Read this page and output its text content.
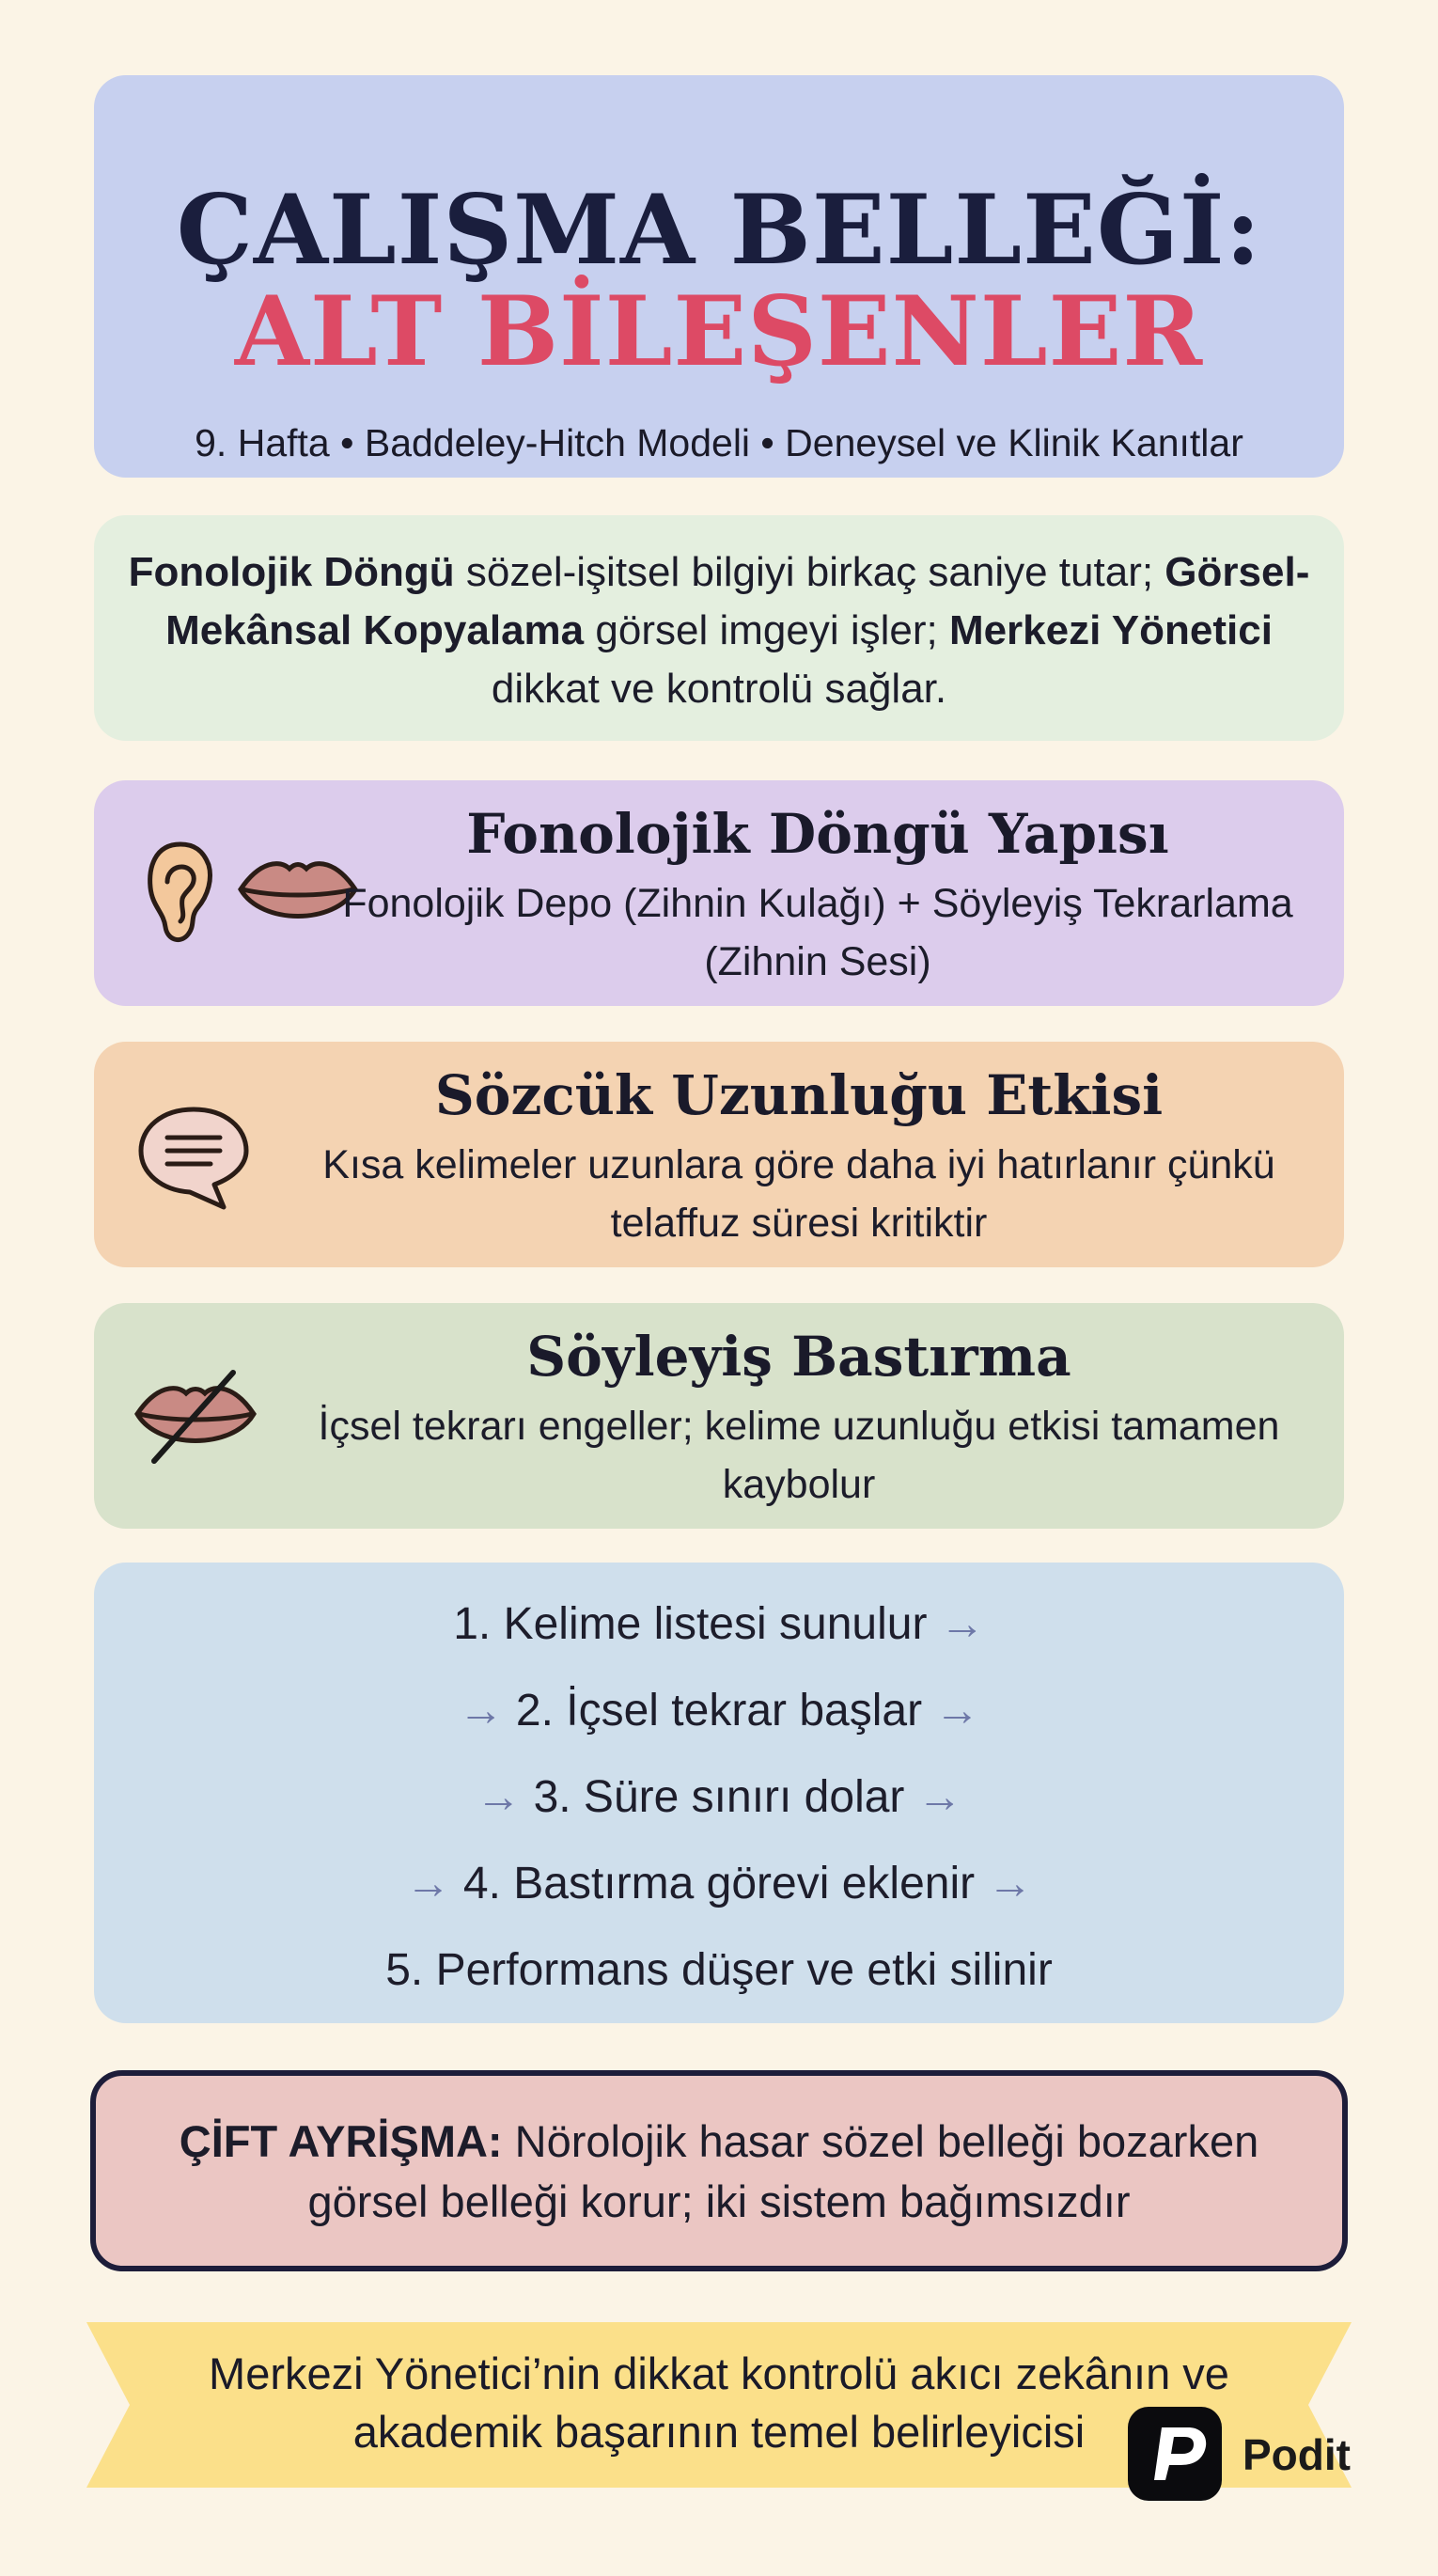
ÇALIŞMA BELLEĞİ:
ALT BİLEŞENLER
9. Hafta • Baddeley-Hitch Modeli • Deneysel ve Klinik Kanıtlar
Fonolojik Döngü sözel-işitsel bilgiyi birkaç saniye tutar; Görsel-Mekânsal Kopyalama görsel imgeyi işler; Merkezi Yönetici dikkat ve kontrolü sağlar.
Fonolojik Döngü Yapısı
Fonolojik Depo (Zihnin Kulağı) + Söyleyiş Tekrarlama (Zihnin Sesi)
Sözcük Uzunluğu Etkisi
Kısa kelimeler uzunlara göre daha iyi hatırlanır çünkü telaffuz süresi kritiktir
Söyleyiş Bastırma
İçsel tekrarı engeller; kelime uzunluğu etkisi tamamen kaybolur
1. Kelime listesi sunulur →
→ 2. İçsel tekrar başlar →
→ 3. Süre sınırı dolar →
→ 4. Bastırma görevi eklenir →
5. Performans düşer ve etki silinir
ÇİFT AYRİŞMA: Nörolojik hasar sözel belleği bozarken görsel belleği korur; iki sistem bağımsızdır
Merkezi Yönetici’nin dikkat kontrolü akıcı zekânın ve akademik başarının temel belirleyicisi	Podit
